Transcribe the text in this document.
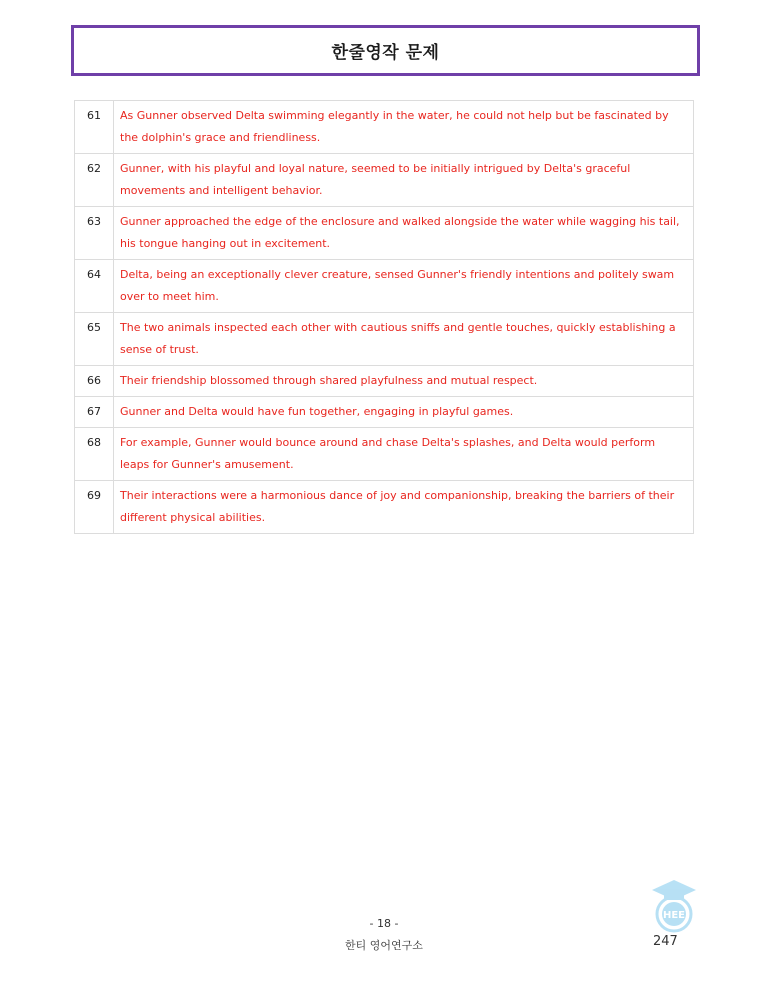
한줄영작 문제
61	As Gunner observed Delta swimming elegantly in the water, he could not help but be fascinated by the dolphin's grace and friendliness.
62	Gunner, with his playful and loyal nature, seemed to be initially intrigued by Delta's graceful movements and intelligent behavior.
63	Gunner approached the edge of the enclosure and walked alongside the water while wagging his tail, his tongue hanging out in excitement.
64	Delta, being an exceptionally clever creature, sensed Gunner's friendly intentions and politely swam over to meet him.
65	The two animals inspected each other with cautious sniffs and gentle touches, quickly establishing a sense of trust.
66	Their friendship blossomed through shared playfulness and mutual respect.
67	Gunner and Delta would have fun together, engaging in playful games.
68	For example, Gunner would bounce around and chase Delta's splashes, and Delta would perform leaps for Gunner's amusement.
69	Their interactions were a harmonious dance of joy and companionship, breaking the barriers of their different physical abilities.
HEE
- 18 -
한티 영어연구소	247
